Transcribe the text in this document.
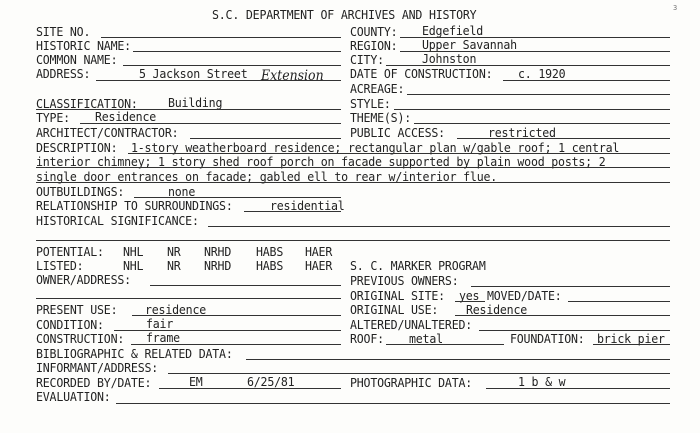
S.C. DEPARTMENT OF ARCHIVES AND HISTORY	3
SITE NO.	COUNTY: Edgefield
HISTORIC NAME:	REGION: Upper Savannah
COMMON NAME:	CITY:	Johnston
ADDRESS:	5 Jackson Street Extension DATE OF CONSTRUCTION: c. 1920
ACREAGE:
CLASSIFICATION:	Building	STYLE:
TYPE: Residence	THEME(S):
ARCHITECT/CONTRACTOR:	PUBLIC ACCESS:	restricted
DESCRIPTION: 1-story weatherboard residence; rectangular plan w/gable roof; 1 central
interior chimney; 1 story shed roof porch on facade supported by plain wood posts; 2
single door entrances on facade; gabled ell to rear w/interior flue.
OUTBUILDINGS:	none
RELATIONSHIP TO SURROUNDINGS:	residential
HISTORICAL SIGNIFICANCE:
POTENTIAL: NHL NR NRHD HABS HAER
LISTED:	NHL NR NRHD HABS HAER S. C. MARKER PROGRAM
OWNER/ADDRESS:	PREVIOUS OWNERS:
ORIGINAL SITE: yes MOVED/DATE:
PRESENT USE: residence	ORIGINAL USE: Residence
CONDITION:	fair	ALTERED/UNALTERED:
CONSTRUCTION: frame	ROOF: metal	FOUNDATION: brick pier
BIBLIOGRAPHIC & RELATED DATA:
INFORMANT/ADDRESS:
RECORDED BY/DATE:	EM	6/25/81	PHOTOGRAPHIC DATA:	1 b & w
EVALUATION:
